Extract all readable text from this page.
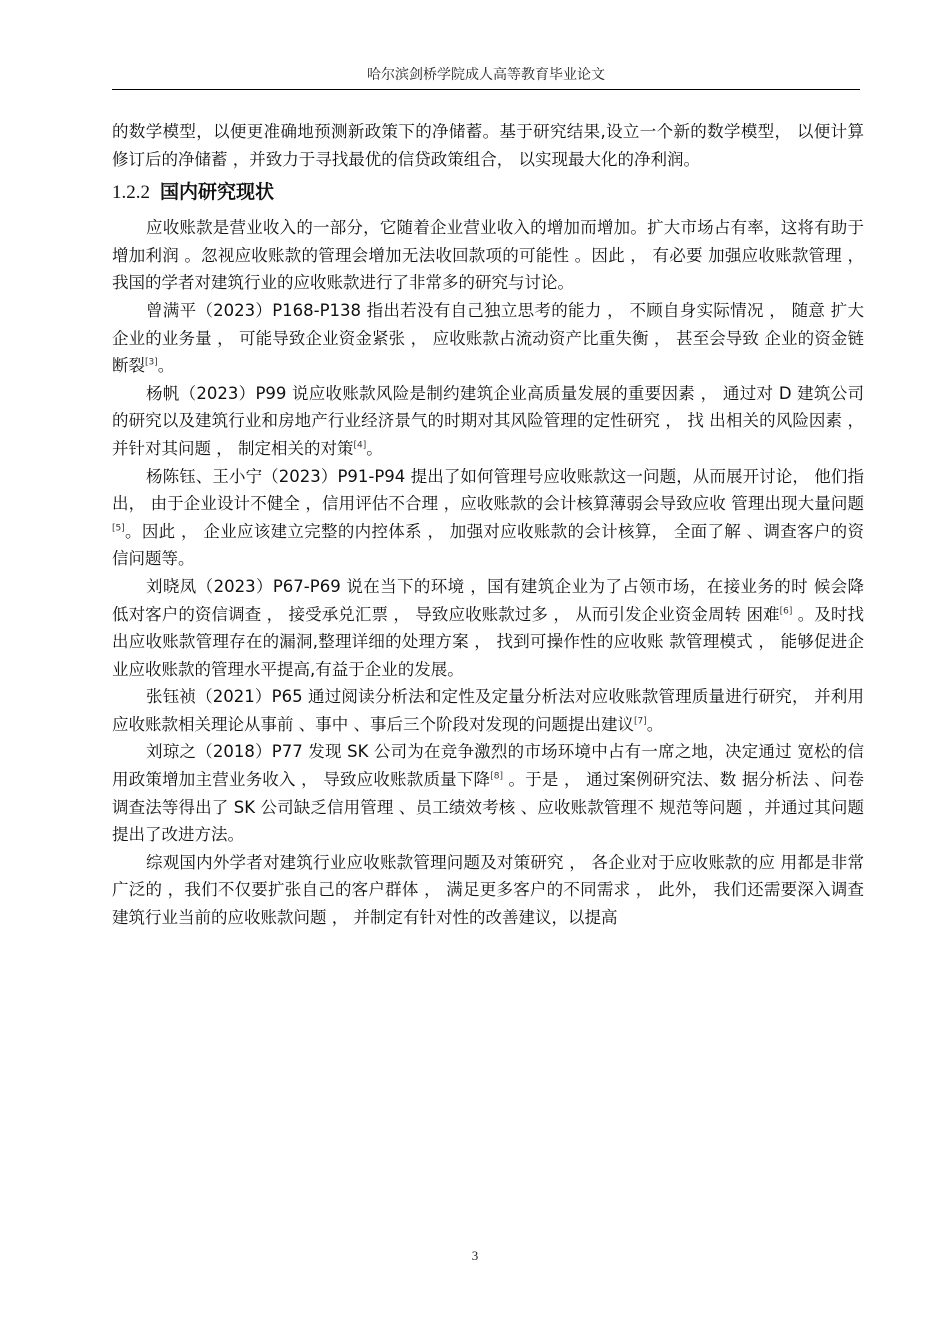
哈尔滨剑桥学院成人高等教育毕业论文

的数学模型，以便更准确地预测新政策下的净储蓄。基于研究结果,设立一个新的数学模型， 以便计算修订后的净储蓄 ，并致力于寻找最优的信贷政策组合， 以实现最大化的净利润。

1.2.2 国内研究现状

应收账款是营业收入的一部分，它随着企业营业收入的增加而增加。扩大市场占有率，这将有助于增加利润 。忽视应收账款的管理会增加无法收回款项的可能性 。因此 ， 有必要 加强应收账款管理 ，我国的学者对建筑行业的应收账款进行了非常多的研究与讨论。

曾满平（2023）P168-P138 指出若没有自己独立思考的能力 ， 不顾自身实际情况 ， 随意 扩大企业的业务量 ， 可能导致企业资金紧张 ， 应收账款占流动资产比重失衡 ， 甚至会导致 企业的资金链断裂[3]。

杨帆（2023）P99 说应收账款风险是制约建筑企业高质量发展的重要因素 ， 通过对 D 建筑公司的研究以及建筑行业和房地产行业经济景气的时期对其风险管理的定性研究 ， 找 出相关的风险因素 ， 并针对其问题 ， 制定相关的对策[4]。

杨陈钰、王小宁（2023）P91-P94 提出了如何管理号应收账款这一问题，从而展开讨论， 他们指出， 由于企业设计不健全 ，信用评估不合理 ，应收账款的会计核算薄弱会导致应收 管理出现大量问题[5]。因此 ， 企业应该建立完整的内控体系 ， 加强对应收账款的会计核算， 全面了解 、调查客户的资信问题等。

刘晓凤（2023）P67-P69 说在当下的环境 ，国有建筑企业为了占领市场，在接业务的时 候会降低对客户的资信调查 ， 接受承兑汇票 ， 导致应收账款过多 ， 从而引发企业资金周转 困难[6] 。及时找出应收账款管理存在的漏洞,整理详细的处理方案 ， 找到可操作性的应收账 款管理模式 ， 能够促进企业应收账款的管理水平提高,有益于企业的发展。

张钰祯（2021）P65 通过阅读分析法和定性及定量分析法对应收账款管理质量进行研究， 并利用应收账款相关理论从事前 、事中 、事后三个阶段对发现的问题提出建议[7]。

刘琼之（2018）P77 发现 SK 公司为在竞争激烈的市场环境中占有一席之地，决定通过 宽松的信用政策增加主营业务收入 ， 导致应收账款质量下降[8] 。于是 ， 通过案例研究法、数 据分析法 、问卷调查法等得出了 SK 公司缺乏信用管理 、员工绩效考核 、应收账款管理不 规范等问题 ，并通过其问题提出了改进方法。

综观国内外学者对建筑行业应收账款管理问题及对策研究 ， 各企业对于应收账款的应 用都是非常广泛的 ，我们不仅要扩张自己的客户群体 ， 满足更多客户的不同需求 ， 此外， 我们还需要深入调查建筑行业当前的应收账款问题 ， 并制定有针对性的改善建议，以提高

3
